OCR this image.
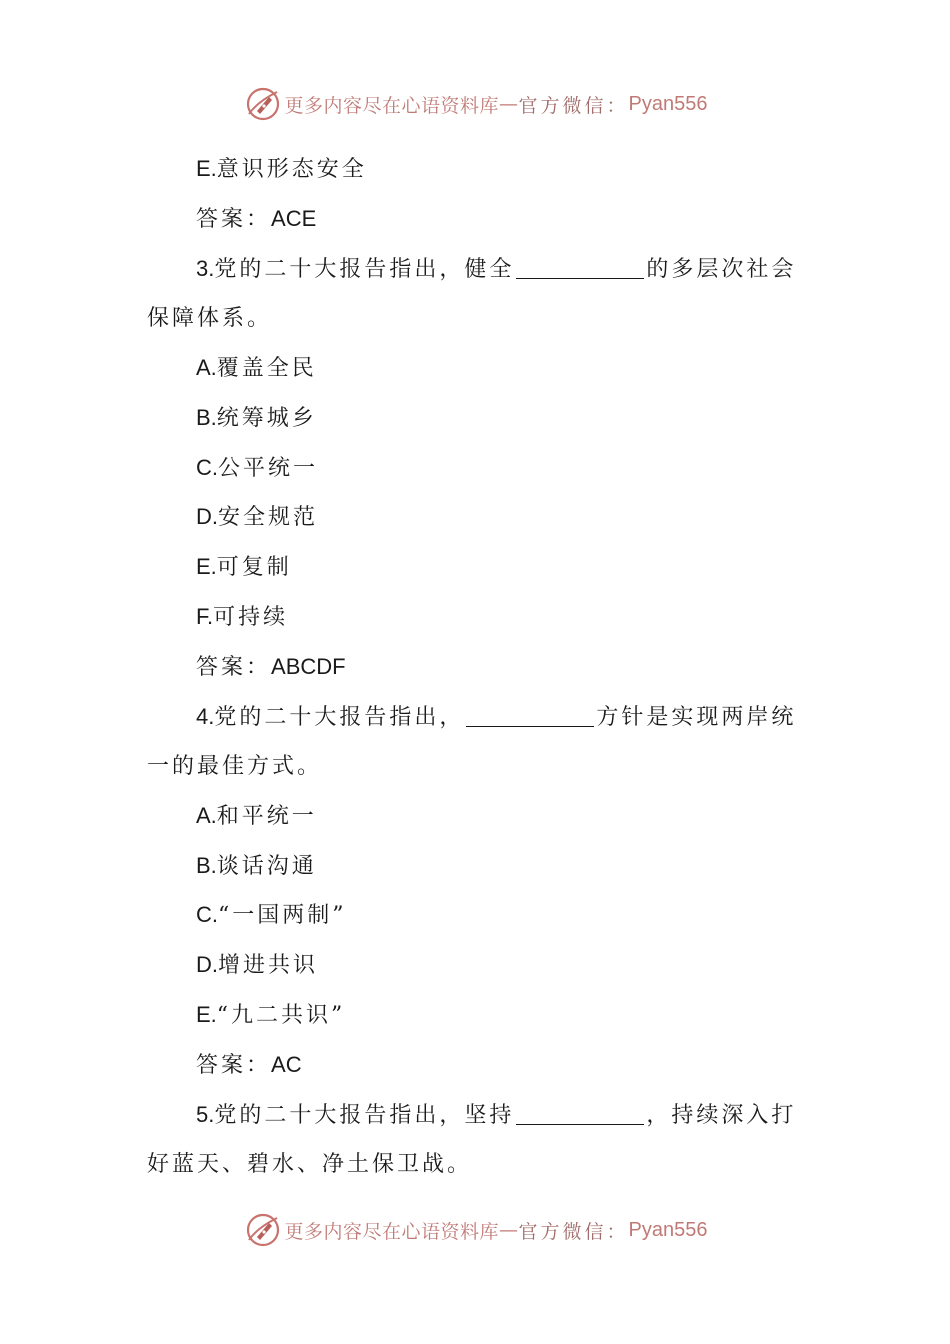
更多内容尽在心语资料库 — 官方微信： Pyan556
E.意识形态安全
答案：ACE
3.党的二十大报告指出，健全	的多层次社会
保障体系。
A.覆盖全民
B.统筹城乡
C.公平统一
D.安全规范
E.可复制
F.可持续
答案：ABCDF
4.党的二十大报告指出，	方针是实现两岸统
一的最佳方式。
A.和平统一
B.谈话沟通
C.“一国两制”
D.增进共识
E.“九二共识”
答案：AC
5.党的二十大报告指出，坚持	，持续深入打
好蓝天、碧水、净土保卫战。
更多内容尽在心语资料库 — 官方微信： Pyan556
